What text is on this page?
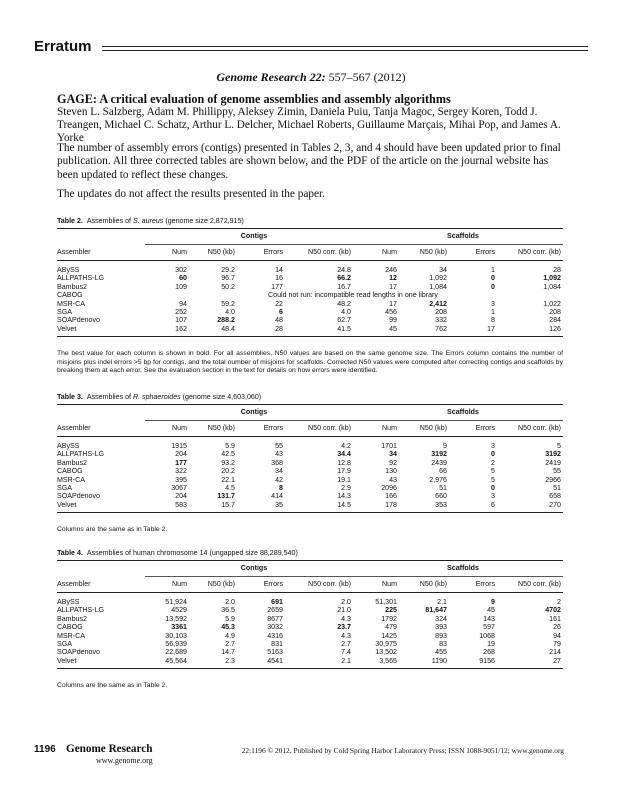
Erratum
Genome Research 22: 557–567 (2012)
GAGE: A critical evaluation of genome assemblies and assembly algorithms
Steven L. Salzberg, Adam M. Phillippy, Aleksey Zimin, Daniela Puiu, Tanja Magoc, Sergey Koren, Todd J. Treangen, Michael C. Schatz, Arthur L. Delcher, Michael Roberts, Guillaume Marçais, Mihai Pop, and James A. Yorke
The number of assembly errors (contigs) presented in Tables 2, 3, and 4 should have been updated prior to final publication. All three corrected tables are shown below, and the PDF of the article on the journal website has been updated to reflect these changes.
The updates do not affect the results presented in the paper.
Table 2. Assemblies of S. aureus (genome size 2,872,915)

	Contigs				Scaffolds			
Assembler	Num	N50 (kb)	Errors	N50 corr. (kb)	Num	N50 (kb)	Errors	N50 corr. (kb)

ABySS	302	29.2	14	24.8	246	34	1	28
ALLPATHS-LG	60	96.7	16	66.2	12	1,092	0	1,092
Bambus2	109	50.2	177	16.7	17	1,084	0	1,084
CABOG	Could not run: incompatible read lengths in one library							
MSR-CA	94	59.2	22	48.2	17	2,412	3	1,022
SGA	252	4.0	6	4.0	456	208	1	208
SOAPdenovo	107	288.2	48	62.7	99	332	8	284
Velvet	162	48.4	28	41.5	45	762	17	126

The best value for each column is shown in bold. For all assemblies, N50 values are based on the same genome size. The Errors column contains the number of misjoins plus indel errors >5 bp for contigs, and the total number of misjoins for scaffolds. Corrected N50 values were computed after correcting contigs and scaffolds by breaking them at each error. See the evaluation section in the text for details on how errors were identified.
Table 3. Assemblies of R. sphaeroides (genome size 4,603,060)

	Contigs				Scaffolds			
Assembler	Num	N50 (kb)	Errors	N50 corr. (kb)	Num	N50 (kb)	Errors	N50 corr. (kb)

ABySS	1915	5.9	55	4.2	1701	9	3	5
ALLPATHS-LG	204	42.5	43	34.4	34	3192	0	3192
Bambus2	177	93.2	368	12.8	92	2439	2	2419
CABOG	322	20.2	34	17.9	130	66	5	55
MSR-CA	395	22.1	42	19.1	43	2,976	5	2966
SGA	3067	4.5	8	2.9	2096	51	0	51
SOAPdenovo	204	131.7	414	14.3	166	660	3	658
Velvet	583	15.7	35	14.5	178	353	6	270

Columns are the same as in Table 2.
Table 4. Assemblies of human chromosome 14 (ungapped size 88,289,540)

	Contigs				Scaffolds			
Assembler	Num	N50 (kb)	Errors	N50 corr. (kb)	Num	N50 (kb)	Errors	N50 corr. (kb)

ABySS	51,924	2.0	691	2.0	51,301	2.1	9	2
ALLPATHS-LG	4529	36.5	2659	21.0	225	81,647	45	4702
Bambus2	13,592	5.9	8677	4.3	1792	324	143	161
CABOG	3361	45.3	3032	23.7	479	393	597	26
MSR-CA	30,103	4.9	4316	4.3	1425	893	1068	94
SGA	56,939	2.7	831	2.7	30,975	83	19	79
SOAPdenovo	22,689	14.7	5163	7.4	13,502	455	268	214
Velvet	45,564	2.3	4541	2.1	3,565	1190	9156	27

Columns are the same as in Table 2.
1196 Genome Research
www.genome.org
22:1196 © 2012, Published by Cold Spring Harbor Laboratory Press; ISSN 1088-9051/12; www.genome.org
